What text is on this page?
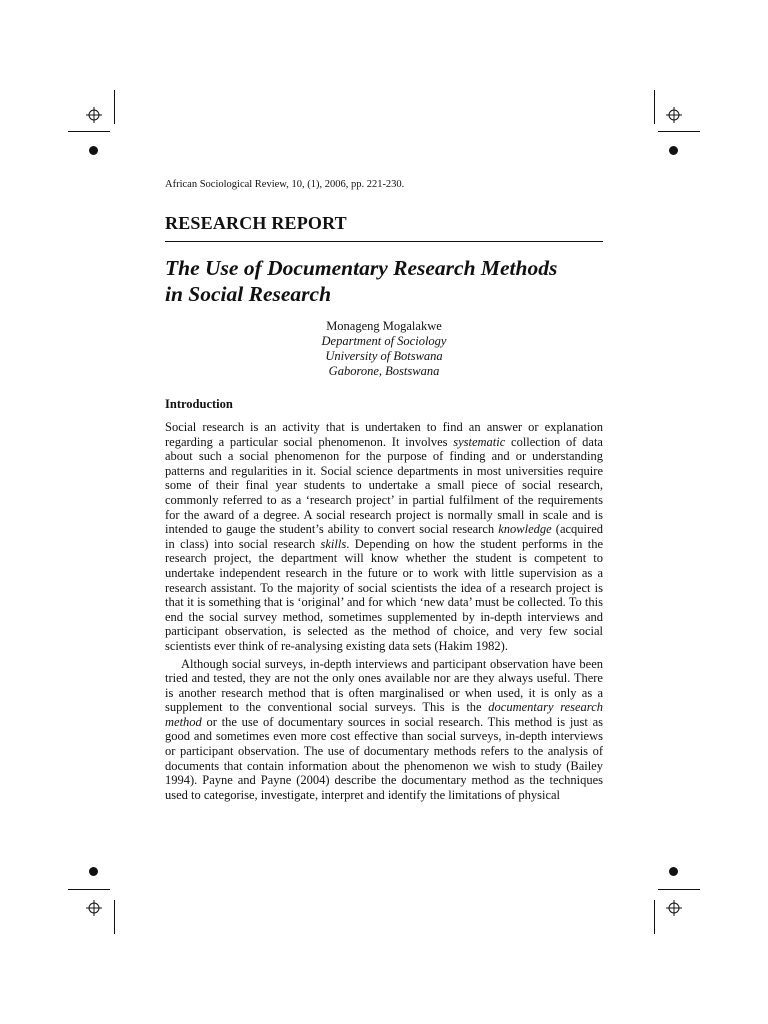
African Sociological Review, 10, (1), 2006, pp. 221-230.
RESEARCH REPORT
The Use of Documentary Research Methods
in Social Research
Monageng Mogalakwe
Department of Sociology
University of Botswana
Gaborone, Bostswana
Introduction

Social research is an activity that is undertaken to find an answer or explanation regarding a particular social phenomenon. It involves systematic collection of data about such a social phenomenon for the purpose of finding and or understanding patterns and regularities in it. Social science departments in most universities require some of their final year students to undertake a small piece of social research, commonly referred to as a ‘research project’ in partial fulfilment of the requirements for the award of a degree. A social research project is normally small in scale and is intended to gauge the student’s ability to convert social research knowledge (acquired in class) into social research skills. Depending on how the student performs in the research project, the department will know whether the student is competent to undertake independent research in the future or to work with little supervision as a research assistant. To the majority of social scientists the idea of a research project is that it is something that is ‘original’ and for which ‘new data’ must be collected. To this end the social survey method, sometimes supplemented by in-depth interviews and participant observation, is selected as the method of choice, and very few social scientists ever think of re-analysing existing data sets (Hakim 1982).

Although social surveys, in-depth interviews and participant observation have been tried and tested, they are not the only ones available nor are they always useful. There is another research method that is often marginalised or when used, it is only as a supplement to the conventional social surveys. This is the documentary research method or the use of documentary sources in social research. This method is just as good and sometimes even more cost effective than social surveys, in-depth interviews or participant observation. The use of documentary methods refers to the analysis of documents that contain information about the phenomenon we wish to study (Bailey 1994). Payne and Payne (2004) describe the documentary method as the techniques used to categorise, investigate, interpret and identify the limitations of physical
